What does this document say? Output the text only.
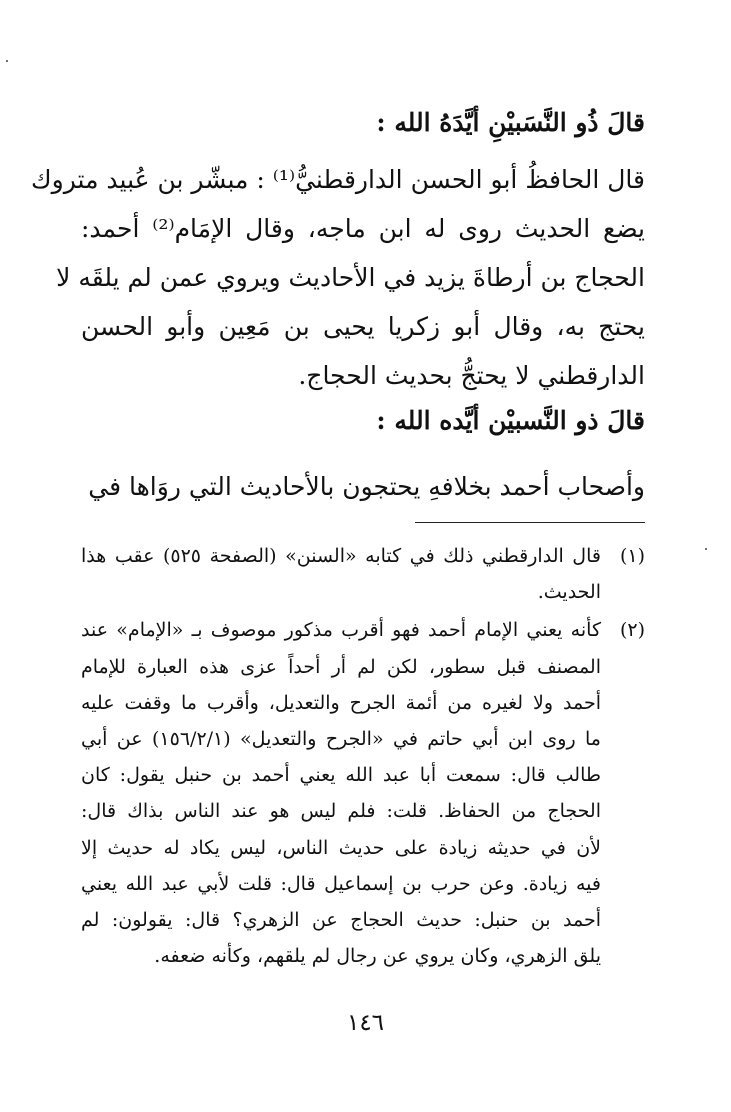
قالَ ذُو النَّسَبيْنِ أيَّدَهُ الله :
قال الحافظُ أبو الحسن الدارقطنيُّ⁽¹⁾ : مبشّر بن عُبيد متروك
يضع الحديث روى له ابن ماجه، وقال الإمَام⁽²⁾ أحمد:
الحجاج بن أرطاةَ يزيد في الأحاديث ويروي عمن لم يلقَه لا
يحتج به، وقال أبو زكريا يحيى بن مَعِين وأبو الحسن
الدارقطني لا يحتجُّ بحديث الحجاج.
قالَ ذو النَّسبيْن أيَّده الله :
وأصحاب أحمد بخلافهِ يحتجون بالأحاديث التي روَاها في
(١)
قال الدارقطني ذلك في كتابه «السنن» (الصفحة ٥٢٥) عقب هذا
الحديث.
(٢)
كأنه يعني الإمام أحمد فهو أقرب مذكور موصوف بـ «الإمام» عند
المصنف قبل سطور، لكن لم أر أحداً عزى هذه العبارة للإمام
أحمد ولا لغيره من أئمة الجرح والتعديل، وأقرب ما وقفت عليه
ما روى ابن أبي حاتم في «الجرح والتعديل» (١٥٦/٢/١) عن أبي
طالب قال: سمعت أبا عبد الله يعني أحمد بن حنبل يقول: كان
الحجاج من الحفاظ. قلت: فلم ليس هو عند الناس بذاك قال:
لأن في حديثه زيادة على حديث الناس، ليس يكاد له حديث إلا
فيه زيادة. وعن حرب بن إسماعيل قال: قلت لأبي عبد الله يعني
أحمد بن حنبل: حديث الحجاج عن الزهري؟ قال: يقولون: لم
يلق الزهري، وكان يروي عن رجال لم يلقهم، وكأنه ضعفه.
١٤٦
